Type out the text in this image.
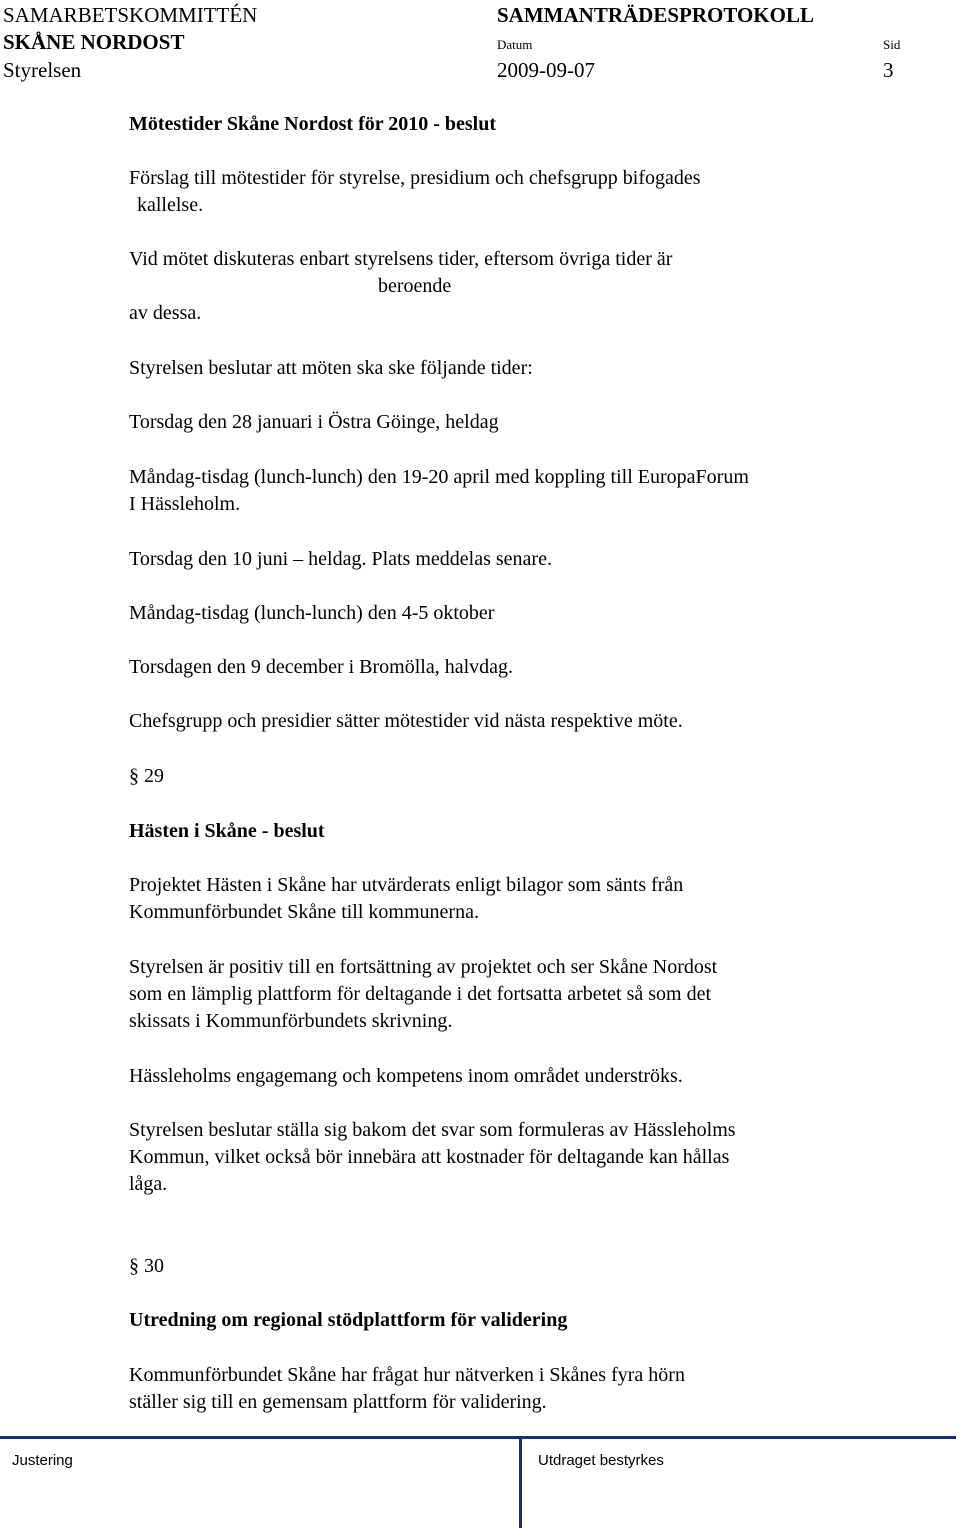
SAMARBETSKOMMITTÉN
SKÅNE NORDOST
Styrelsen
SAMMANTRÄDESPROTOKOLL
Datum
2009-09-07
Sid
3
Mötestider Skåne Nordost för 2010 - beslut
Förslag till mötestider för styrelse, presidium och chefsgrupp bifogades
kallelse.
Vid mötet diskuteras enbart styrelsens tider, eftersom övriga tider är
beroende
av dessa.
Styrelsen beslutar att möten ska ske följande tider:
Torsdag den 28 januari i Östra Göinge, heldag
Måndag-tisdag (lunch-lunch) den 19-20 april med koppling till EuropaForum
I Hässleholm.
Torsdag den 10 juni – heldag. Plats meddelas senare.
Måndag-tisdag (lunch-lunch) den 4-5 oktober
Torsdagen den 9 december i Bromölla, halvdag.
Chefsgrupp och presidier sätter mötestider vid nästa respektive möte.
§ 29
Hästen i Skåne - beslut
Projektet Hästen i Skåne har utvärderats enligt bilagor som sänts från
Kommunförbundet Skåne till kommunerna.
Styrelsen är positiv till en fortsättning av projektet och ser Skåne Nordost
som en lämplig plattform för deltagande i det fortsatta arbetet så som det
skissats i Kommunförbundets skrivning.
Hässleholms engagemang och kompetens inom området underströks.
Styrelsen beslutar ställa sig bakom det svar som formuleras av Hässleholms
Kommun, vilket också bör innebära att kostnader för deltagande kan hållas
låga.
§ 30
Utredning om regional stödplattform för validering
Kommunförbundet Skåne har frågat hur nätverken i Skånes fyra hörn
ställer sig till en gemensam plattform för validering.
Justering	Utdraget bestyrkes
